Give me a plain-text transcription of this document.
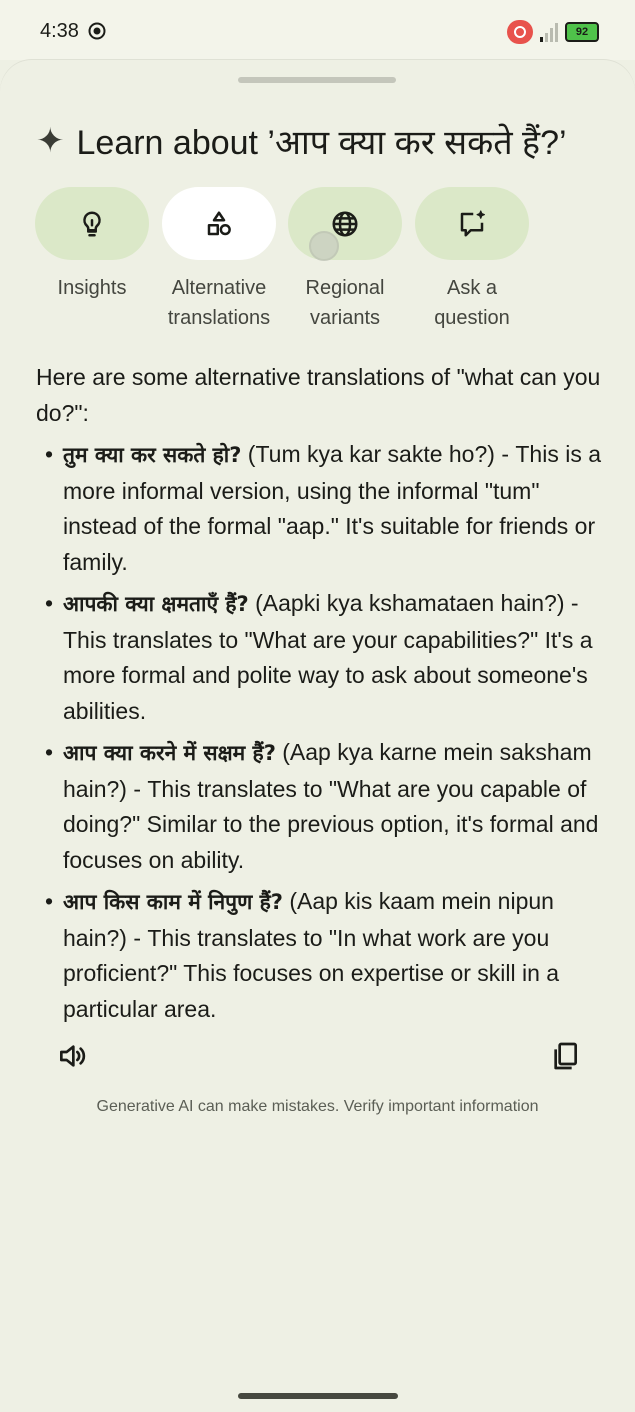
4:38	92
✦ Learn about ’आप क्या कर सकते हैं?’
Insights	Alternative
translations
Regional
variants
Ask a
question

Here are some alternative translations of "what can you do?":

• तुम क्या कर सकते हो? (Tum kya kar sakte ho?) - This is a more informal version, using the informal "tum" instead of the formal "aap." It's suitable for friends or family.
• आपकी क्या क्षमताएँ हैं? (Aapki kya kshamataen hain?) - This translates to "What are your capabilities?" It's a more formal and polite way to ask about someone's abilities.
• आप क्या करने में सक्षम हैं? (Aap kya karne mein saksham hain?) - This translates to "What are you capable of doing?" Similar to the previous option, it's formal and focuses on ability.
• आप किस काम में निपुण हैं? (Aap kis kaam mein nipun hain?) - This translates to "In what work are you proficient?" This focuses on expertise or skill in a particular area.
Generative AI can make mistakes. Verify important information
